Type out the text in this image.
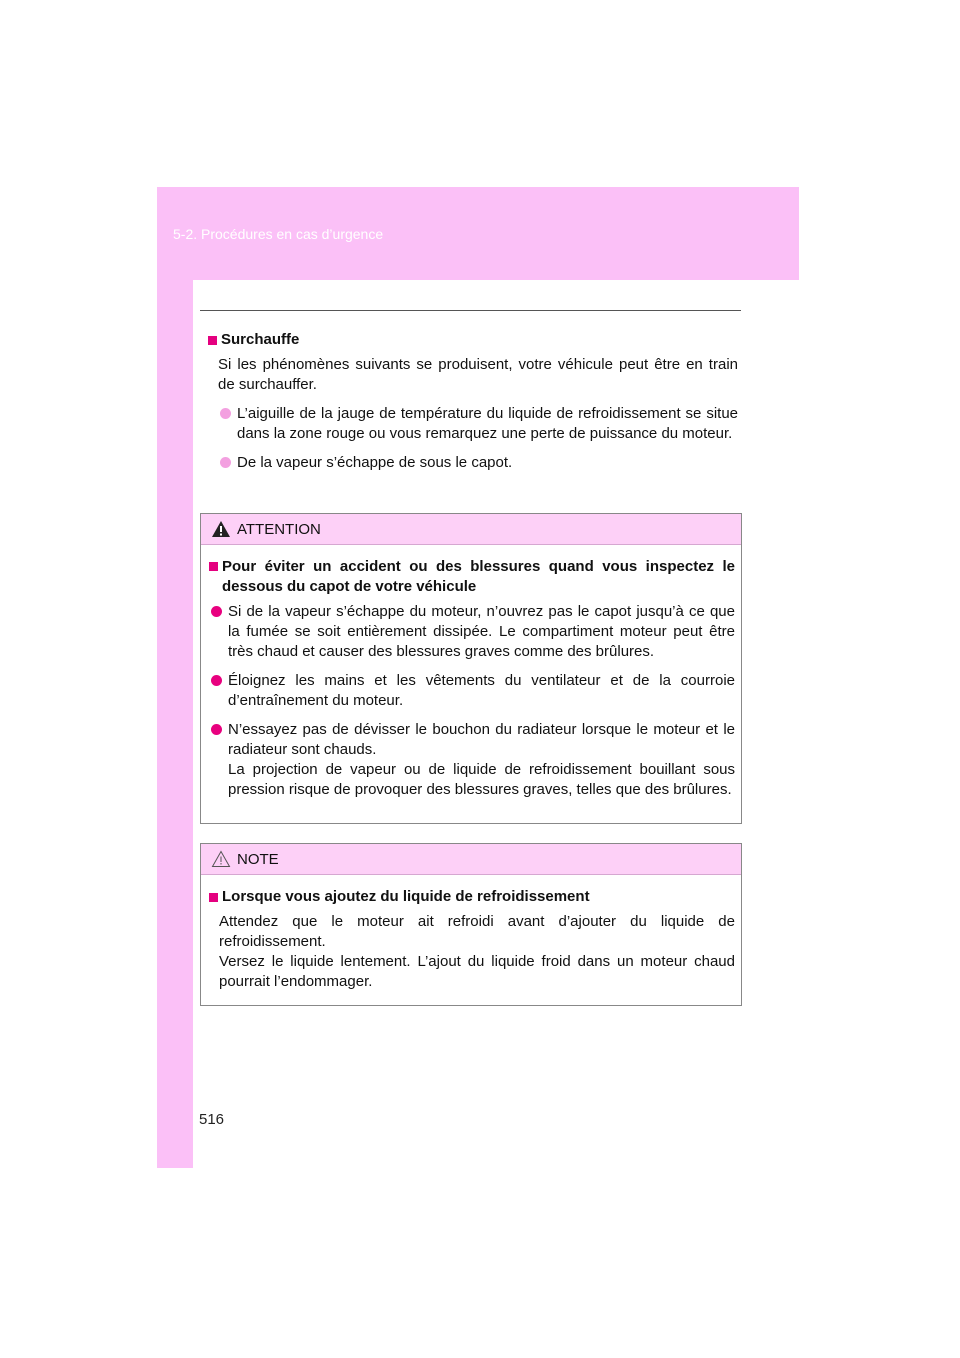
5-2. Procédures en cas d’urgence
Surchauffe
Si les phénomènes suivants se produisent, votre véhicule peut être en train de surchauffer.
L’aiguille de la jauge de température du liquide de refroidissement se situe dans la zone rouge ou vous remarquez une perte de puissance du moteur.
De la vapeur s’échappe de sous le capot.
ATTENTION
Pour éviter un accident ou des blessures quand vous inspectez le dessous du capot de votre véhicule
Si de la vapeur s’échappe du moteur, n’ouvrez pas le capot jusqu’à ce que la fumée se soit entièrement dissipée. Le compartiment moteur peut être très chaud et causer des blessures graves comme des brûlures.
Éloignez les mains et les vêtements du ventilateur et de la courroie d’entraînement du moteur.
N’essayez pas de dévisser le bouchon du radiateur lorsque le moteur et le radiateur sont chauds.
La projection de vapeur ou de liquide de refroidissement bouillant sous pression risque de provoquer des blessures graves, telles que des brûlures.
NOTE
Lorsque vous ajoutez du liquide de refroidissement
Attendez que le moteur ait refroidi avant d’ajouter du liquide de refroidissement.
Versez le liquide lentement. L’ajout du liquide froid dans un moteur chaud pourrait l’endommager.
516
